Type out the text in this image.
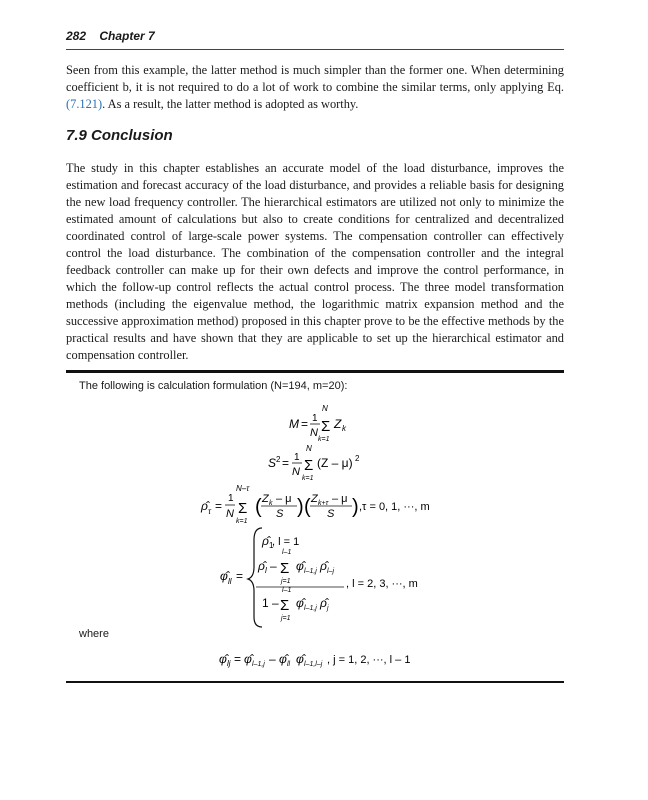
282 Chapter 7
Seen from this example, the latter method is much simpler than the former one. When determining coefficient b, it is not required to do a lot of work to combine the similar terms, only applying Eq. (7.121). As a result, the latter method is adopted as worthy.
7.9 Conclusion
The study in this chapter establishes an accurate model of the load disturbance, improves the estimation and forecast accuracy of the load disturbance, and provides a reliable basis for designing the new load frequency controller. The hierarchical estimators are utilized not only to minimize the estimated amount of calculations but also to create conditions for centralized and decentralized coordinated control of large-scale power systems. The compensation controller can effectively control the load disturbance. The combination of the compensation controller and the integral feedback controller can make up for their own defects and improve the control performance, in which the follow-up control reflects the actual control process. The three model transformation methods (including the eigenvalue method, the logarithmic matrix expansion method and the successive approximation method) proposed in this chapter prove to be the effective methods by the practical results and have shown that they are applicable to set up the hierarchical estimator and compensation controller.
The following is calculation formulation (N=194, m=20):
M = 1
N
N
Σ
k=1
Z k
S 2 = 1
N
N
Σ
k=1
(Z – μ) 2
ρ̂ τ =
1
N
N–τ
Σ
k=1
( Z k – μ
S ) ( Z k+τ – μ
S ) ,τ = 0, 1, ···, m
φ̂ ll =
ρ̂ 1
, l = 1
ρ̂ l –
l–1
Σ
j=1
φ̂ l–1,j ρ̂ l–j
1 –
l–1
Σ
j=1
φ̂ l–1,j ρ̂ j
, l = 2, 3, ···, m
where
φ̂ lj = φ̂ l–1,j – φ̂ ll φ̂ l–1,l–j , j = 1, 2, ···, l – 1
